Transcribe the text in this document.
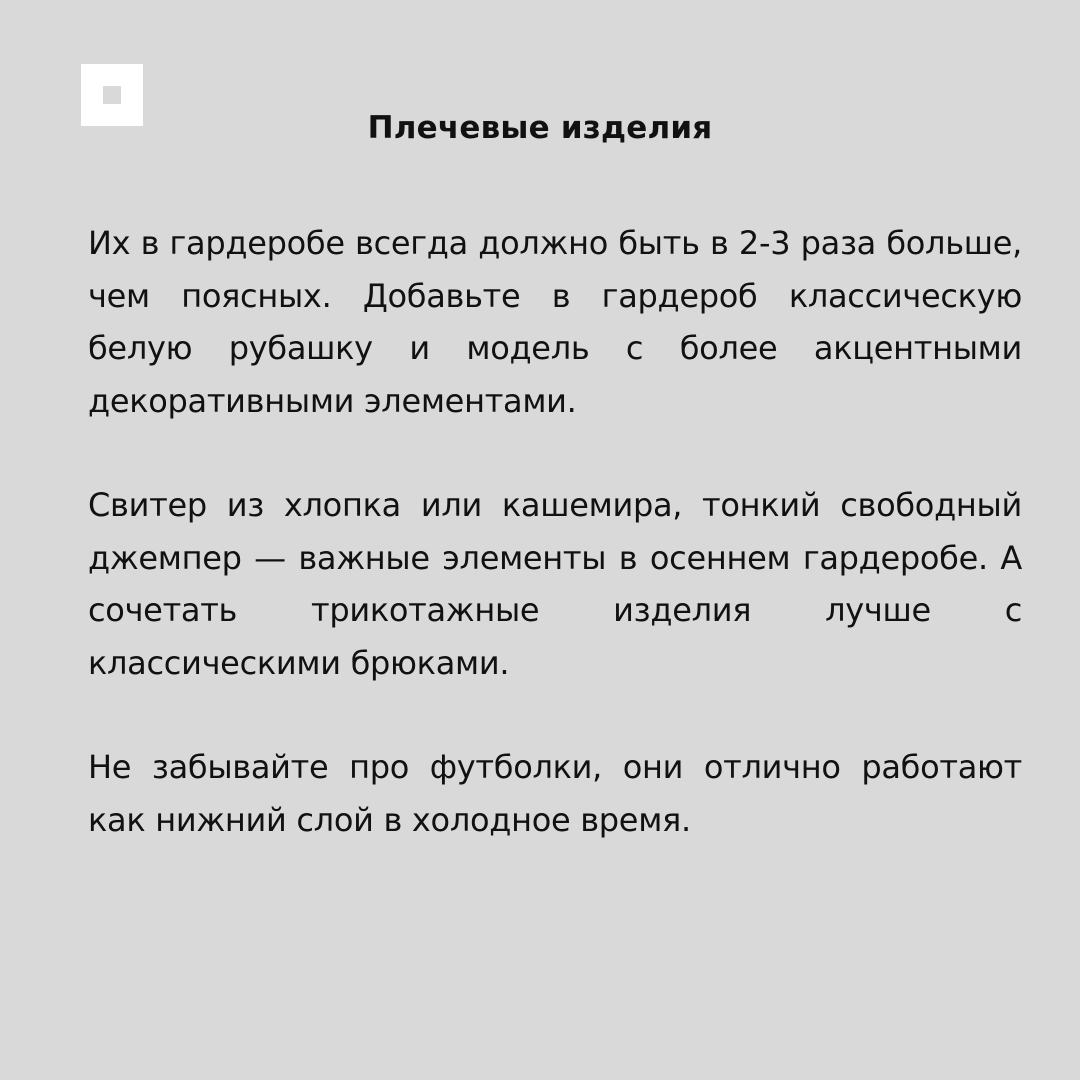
Плечевые изделия

Их в гардеробе всегда должно быть в 2-3 раза больше, чем поясных. Добавьте в гардероб классическую белую рубашку и модель с более акцентными декоративными элементами.

Свитер из хлопка или кашемира, тонкий свободный джемпер — важные элементы в осеннем гардеробе. А сочетать трикотажные изделия лучше с классическими брюками.

Не забывайте про футболки, они отлично работают как нижний слой в холодное время.
